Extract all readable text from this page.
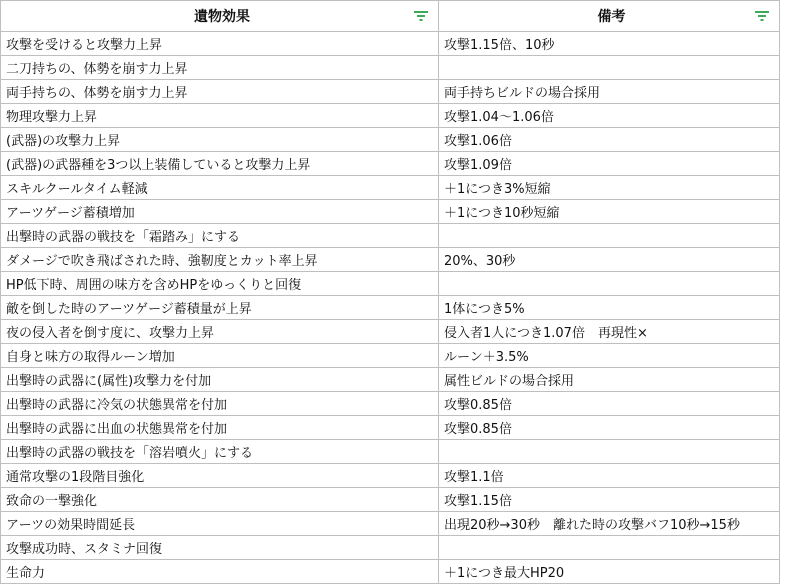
遺物効果	備考

攻撃を受けると攻撃力上昇	攻撃1.15倍、10秒
二刀持ちの、体勢を崩す力上昇	
両手持ちの、体勢を崩す力上昇	両手持ちビルドの場合採用
物理攻撃力上昇	攻撃1.04～1.06倍
(武器)の攻撃力上昇	攻撃1.06倍
(武器)の武器種を3つ以上装備していると攻撃力上昇	攻撃1.09倍
スキルクールタイム軽減	＋1につき3%短縮
アーツゲージ蓄積増加	＋1につき10秒短縮
出撃時の武器の戦技を「霜踏み」にする	
ダメージで吹き飛ばされた時、強靭度とカット率上昇	20%、30秒
HP低下時、周囲の味方を含めHPをゆっくりと回復	
敵を倒した時のアーツゲージ蓄積量が上昇	1体につき5%
夜の侵入者を倒す度に、攻撃力上昇	侵入者1人につき1.07倍　再現性×
自身と味方の取得ルーン増加	ルーン＋3.5%
出撃時の武器に(属性)攻撃力を付加	属性ビルドの場合採用
出撃時の武器に冷気の状態異常を付加	攻撃0.85倍
出撃時の武器に出血の状態異常を付加	攻撃0.85倍
出撃時の武器の戦技を「溶岩噴火」にする	
通常攻撃の1段階目強化	攻撃1.1倍
致命の一撃強化	攻撃1.15倍
アーツの効果時間延長	出現20秒→30秒　離れた時の攻撃バフ10秒→15秒
攻撃成功時、スタミナ回復	
生命力	＋1につき最大HP20
